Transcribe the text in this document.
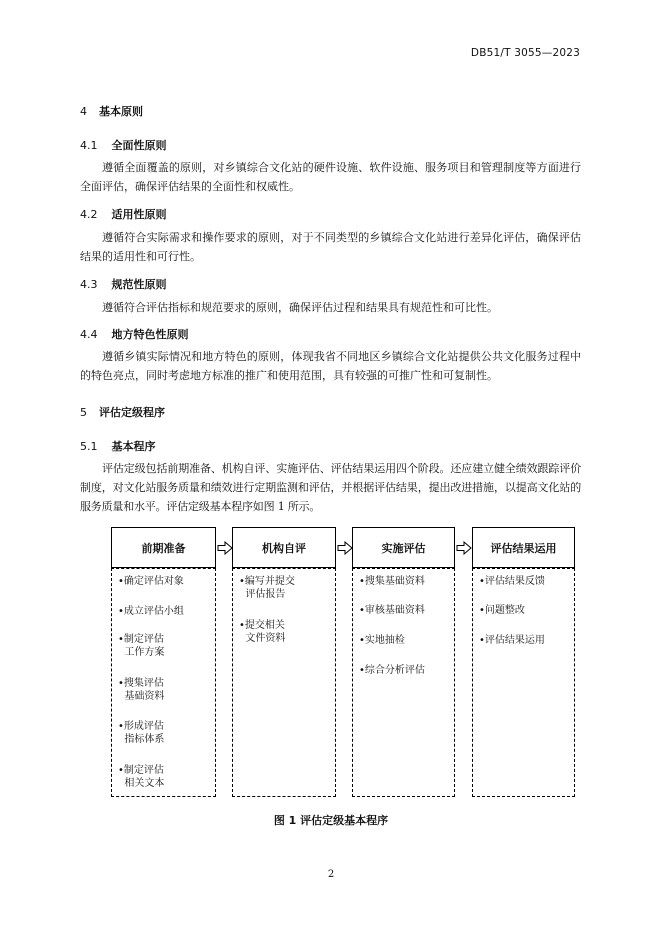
DB51/T 3055—2023
4 基本原则
4.1 全面性原则
遵循全面覆盖的原则，对乡镇综合文化站的硬件设施、软件设施、服务项目和管理制度等方面进行全面评估，确保评估结果的全面性和权威性。
4.2 适用性原则
遵循符合实际需求和操作要求的原则，对于不同类型的乡镇综合文化站进行差异化评估，确保评估结果的适用性和可行性。
4.3 规范性原则
遵循符合评估指标和规范要求的原则，确保评估过程和结果具有规范性和可比性。
4.4 地方特色性原则
遵循乡镇实际情况和地方特色的原则，体现我省不同地区乡镇综合文化站提供公共文化服务过程中的特色亮点，同时考虑地方标准的推广和使用范围，具有较强的可推广性和可复制性。
5 评估定级程序
5.1 基本程序
评估定级包括前期准备、机构自评、实施评估、评估结果运用四个阶段。还应建立健全绩效跟踪评价制度，对文化站服务质量和绩效进行定期监测和评估，并根据评估结果，提出改进措施，以提高文化站的服务质量和水平。评估定级基本程序如图 1 所示。
前期准备
•确定评估对象
•成立评估小组
•制定评估
工作方案
•搜集评估
基础资料
•形成评估
指标体系
•制定评估
相关文本
机构自评
•编写并提交
评估报告
•提交相关
文件资料
实施评估
•搜集基础资料
•审核基础资料
•实地抽检
•综合分析评估
评估结果运用
•评估结果反馈
•问题整改
•评估结果运用
图 1 评估定级基本程序
2
